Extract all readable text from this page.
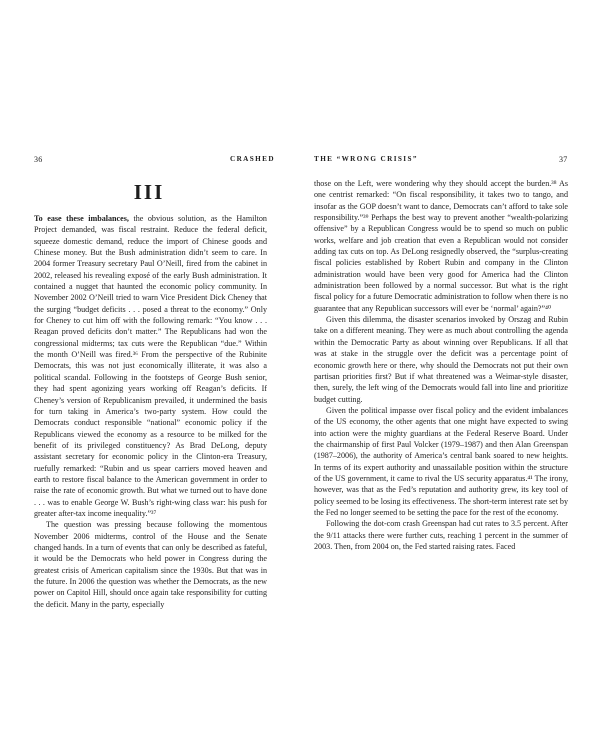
36	CRASHED
III

To ease these imbalances, the obvious solution, as the Hamilton Project demanded, was fiscal restraint. Reduce the federal deficit, squeeze domestic demand, reduce the import of Chinese goods and Chinese money. But the Bush administration didn’t seem to care. In 2004 former Treasury secretary Paul O’Neill, fired from the cabinet in 2002, released his revealing exposé of the early Bush administration. It contained a nugget that haunted the economic policy community. In November 2002 O’Neill tried to warn Vice President Dick Cheney that the surging “budget deficits . . . posed a threat to the economy.” Only for Cheney to cut him off with the following remark: “You know . . . Reagan proved deficits don’t matter.” The Republicans had won the congressional midterms; tax cuts were the Republican “due.” Within the month O’Neill was fired.³⁶ From the perspective of the Rubinite Democrats, this was not just economically illiterate, it was also a political scandal. Following in the footsteps of George Bush senior, they had spent agonizing years working off Reagan’s deficits. If Cheney’s version of Republicanism prevailed, it undermined the basis for turn taking in America’s two-party system. How could the Democrats conduct responsible “national” economic policy if the Republicans viewed the economy as a resource to be milked for the benefit of its privileged constituency? As Brad DeLong, deputy assistant secretary for economic policy in the Clinton-era Treasury, ruefully remarked: “Rubin and us spear carriers moved heaven and earth to restore fiscal balance to the American government in order to raise the rate of economic growth. But what we turned out to have done . . . was to enable George W. Bush’s right-wing class war: his push for greater after-tax income inequality.”³⁷

The question was pressing because following the momentous November 2006 midterms, control of the House and the Senate changed hands. In a turn of events that can only be described as fateful, it would be the Democrats who held power in Congress during the greatest crisis of American capitalism since the 1930s. But that was in the future. In 2006 the question was whether the Democrats, as the new power on Capitol Hill, should once again take responsibility for cutting the deficit. Many in the party, especially

THE “WRONG CRISIS”	37

those on the Left, were wondering why they should accept the burden.³⁸ As one centrist remarked: “On fiscal responsibility, it takes two to tango, and insofar as the GOP doesn’t want to dance, Democrats can’t afford to take sole responsibility.”³⁹ Perhaps the best way to prevent another “wealth-polarizing offensive” by a Republican Congress would be to spend so much on public works, welfare and job creation that even a Republican would not consider adding tax cuts on top. As DeLong resignedly observed, the “surplus-creating fiscal policies established by Robert Rubin and company in the Clinton administration would have been very good for America had the Clinton administration been followed by a normal successor. But what is the right fiscal policy for a future Democratic administration to follow when there is no guarantee that any Republican successors will ever be ‘normal’ again?”⁴⁰

Given this dilemma, the disaster scenarios invoked by Orszag and Rubin take on a different meaning. They were as much about controlling the agenda within the Democratic Party as about winning over Republicans. If all that was at stake in the struggle over the deficit was a percentage point of economic growth here or there, why should the Democrats not put their own partisan priorities first? But if what threatened was a Weimar-style disaster, then, surely, the left wing of the Democrats would fall into line and prioritize budget cutting.

Given the political impasse over fiscal policy and the evident imbalances of the US economy, the other agents that one might have expected to swing into action were the mighty guardians at the Federal Reserve Board. Under the chairmanship of first Paul Volcker (1979–1987) and then Alan Greenspan (1987–2006), the authority of America’s central bank soared to new heights. In terms of its expert authority and unassailable position within the structure of the US government, it came to rival the US security apparatus.⁴¹ The irony, however, was that as the Fed’s reputation and authority grew, its key tool of policy seemed to be losing its effectiveness. The short-term interest rate set by the Fed no longer seemed to be setting the pace for the rest of the economy.

Following the dot-com crash Greenspan had cut rates to 3.5 percent. After the 9/11 attacks there were further cuts, reaching 1 percent in the summer of 2003. Then, from 2004 on, the Fed started raising rates. Faced
